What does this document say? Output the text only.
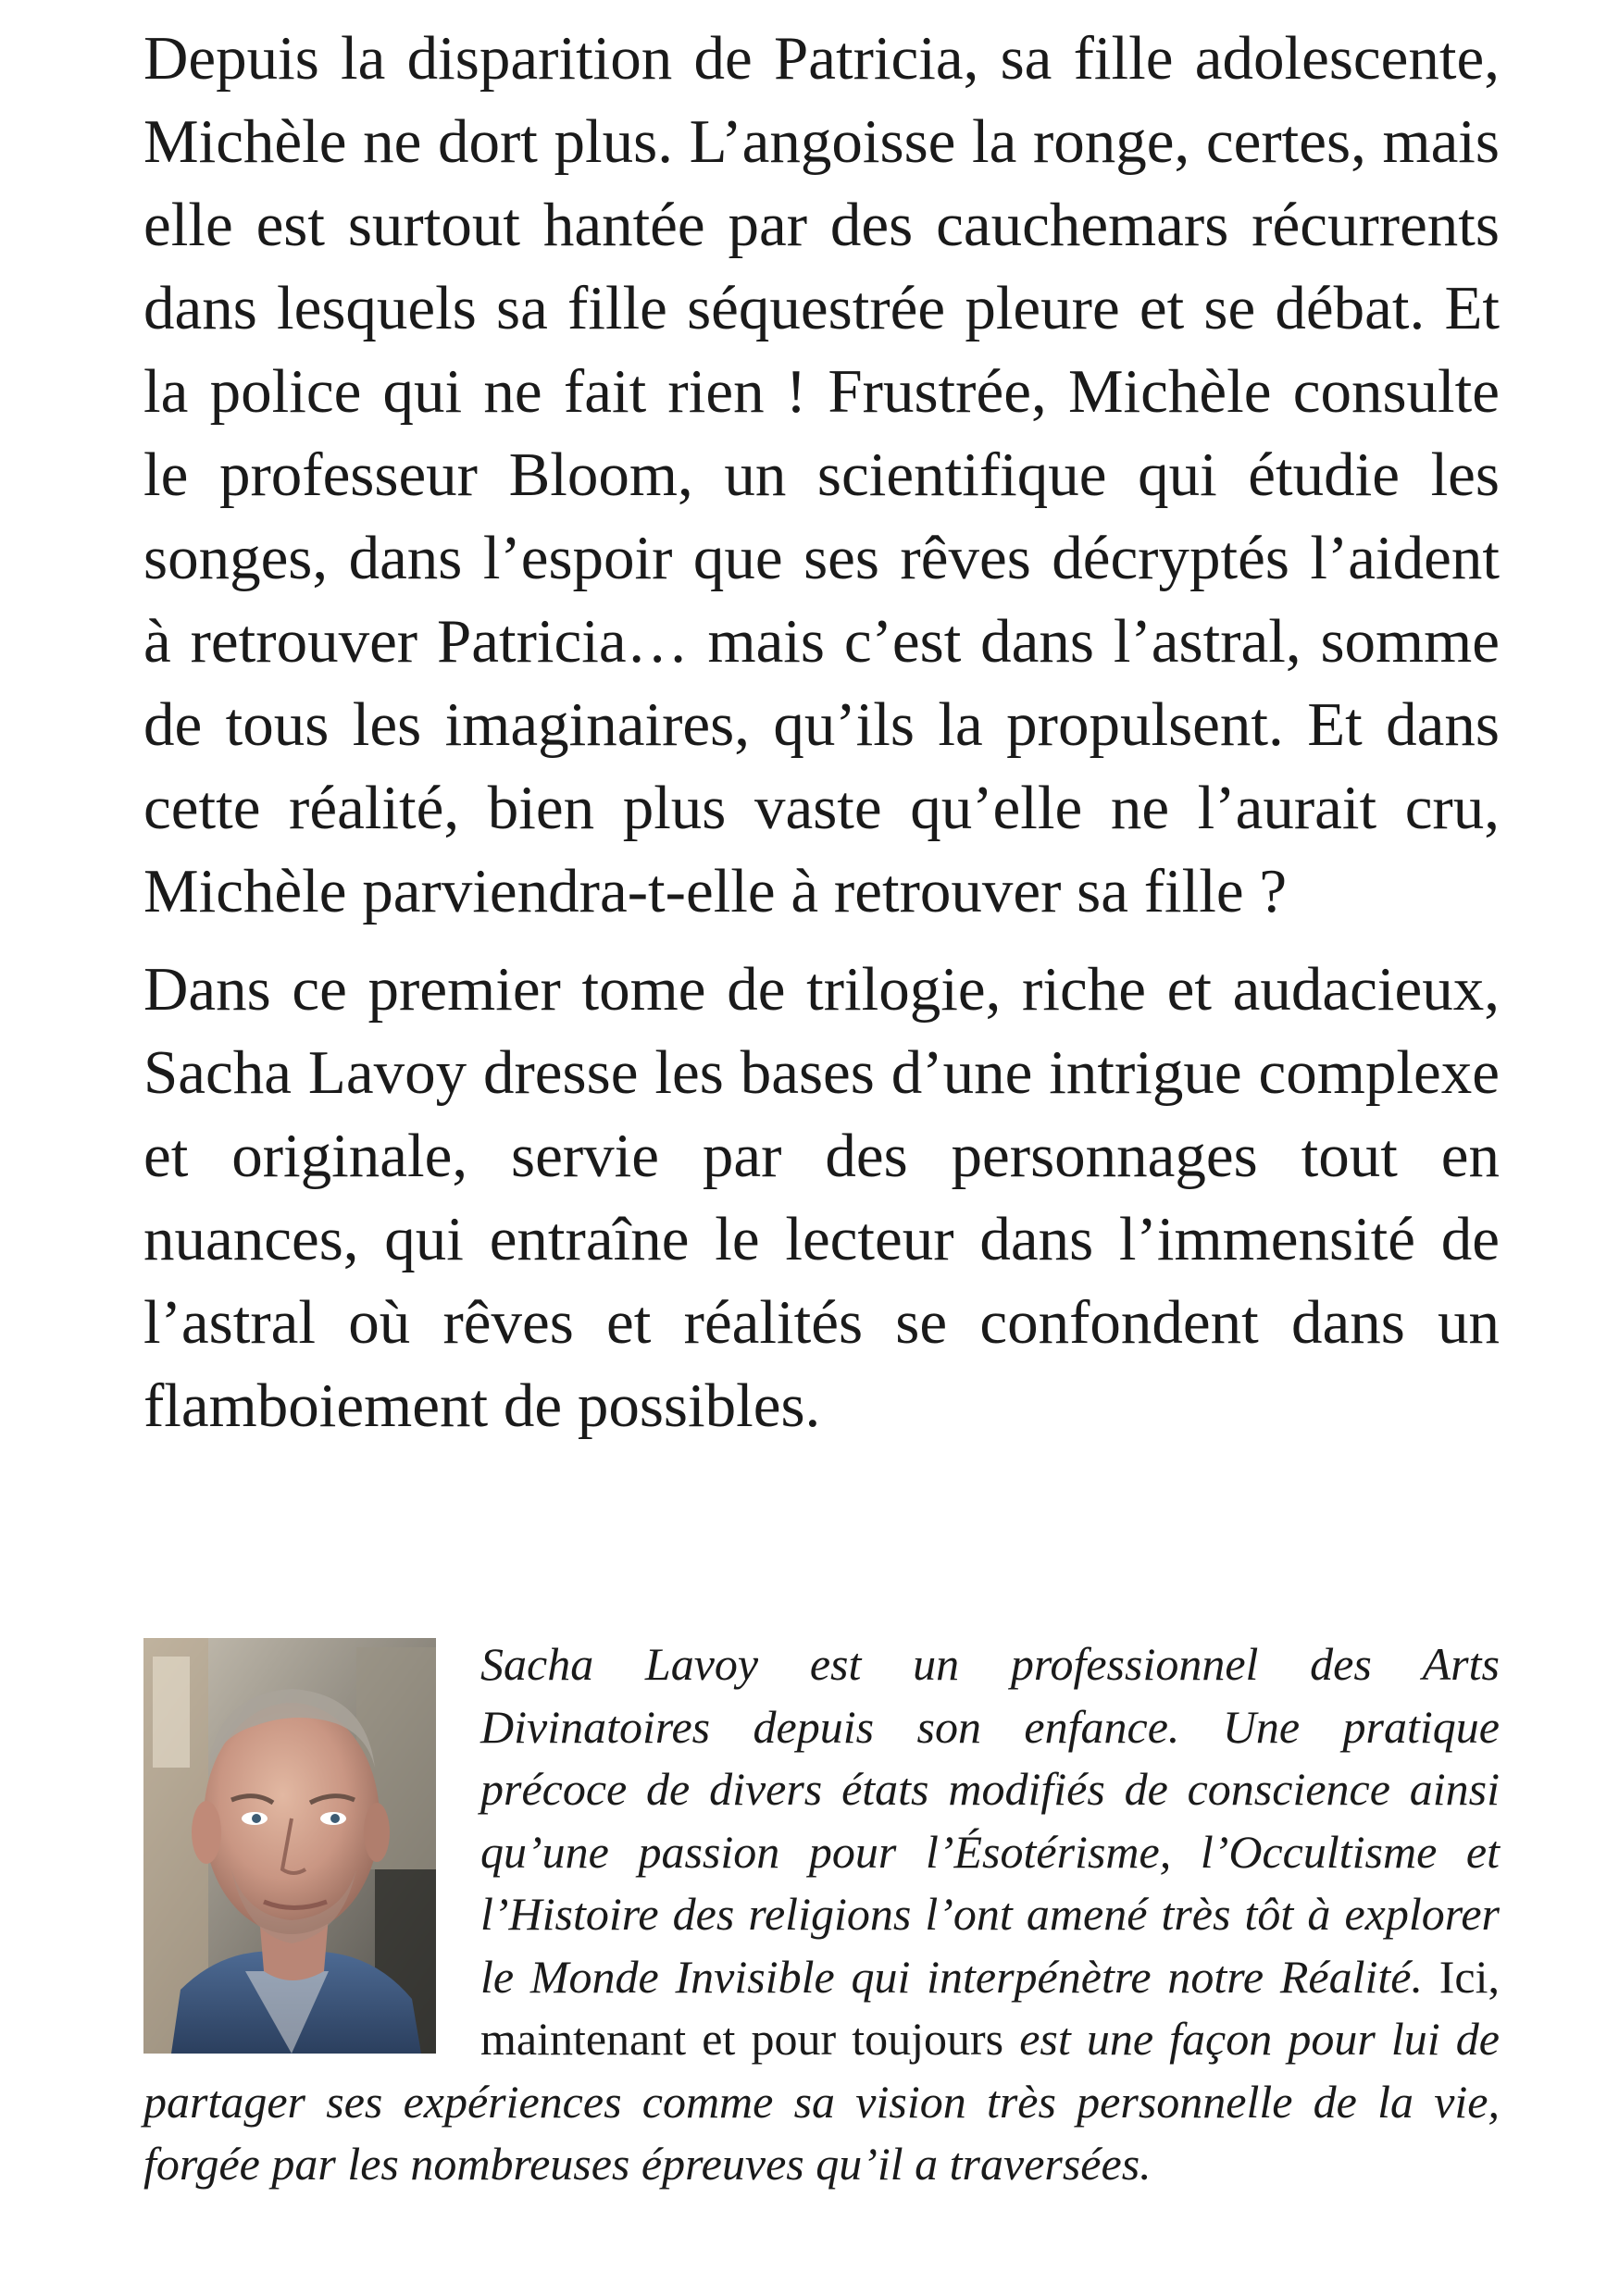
Depuis la disparition de Patricia, sa fille adolescente, Michèle ne dort plus. L’angoisse la ronge, certes, mais elle est surtout hantée par des cauchemars récurrents dans lesquels sa fille séquestrée pleure et se débat. Et la police qui ne fait rien ! Frustrée, Michèle consulte le professeur Bloom, un scientifique qui étudie les songes, dans l’espoir que ses rêves décryptés l’aident à retrouver Patricia… mais c’est dans l’astral, somme de tous les imaginaires, qu’ils la propulsent. Et dans cette réalité, bien plus vaste qu’elle ne l’aurait cru, Michèle parviendra-t-elle à retrouver sa fille ?

Dans ce premier tome de trilogie, riche et audacieux, Sacha Lavoy dresse les bases d’une intrigue complexe et originale, servie par des personnages tout en nuances, qui entraîne le lecteur dans l’immensité de l’astral où rêves et réalités se confondent dans un flamboiement de possibles.

Sacha Lavoy est un professionnel des Arts Divinatoires depuis son enfance. Une pratique précoce de divers états modifiés de conscience ainsi qu’une passion pour l’Ésotérisme, l’Occultisme et l’Histoire des religions l’ont amené très tôt à explorer le Monde Invisible qui interpénètre notre Réalité. Ici, maintenant et pour toujours est une façon pour lui de partager ses expériences comme sa vision très personnelle de la vie, forgée par les nombreuses épreuves qu’il a traversées.
